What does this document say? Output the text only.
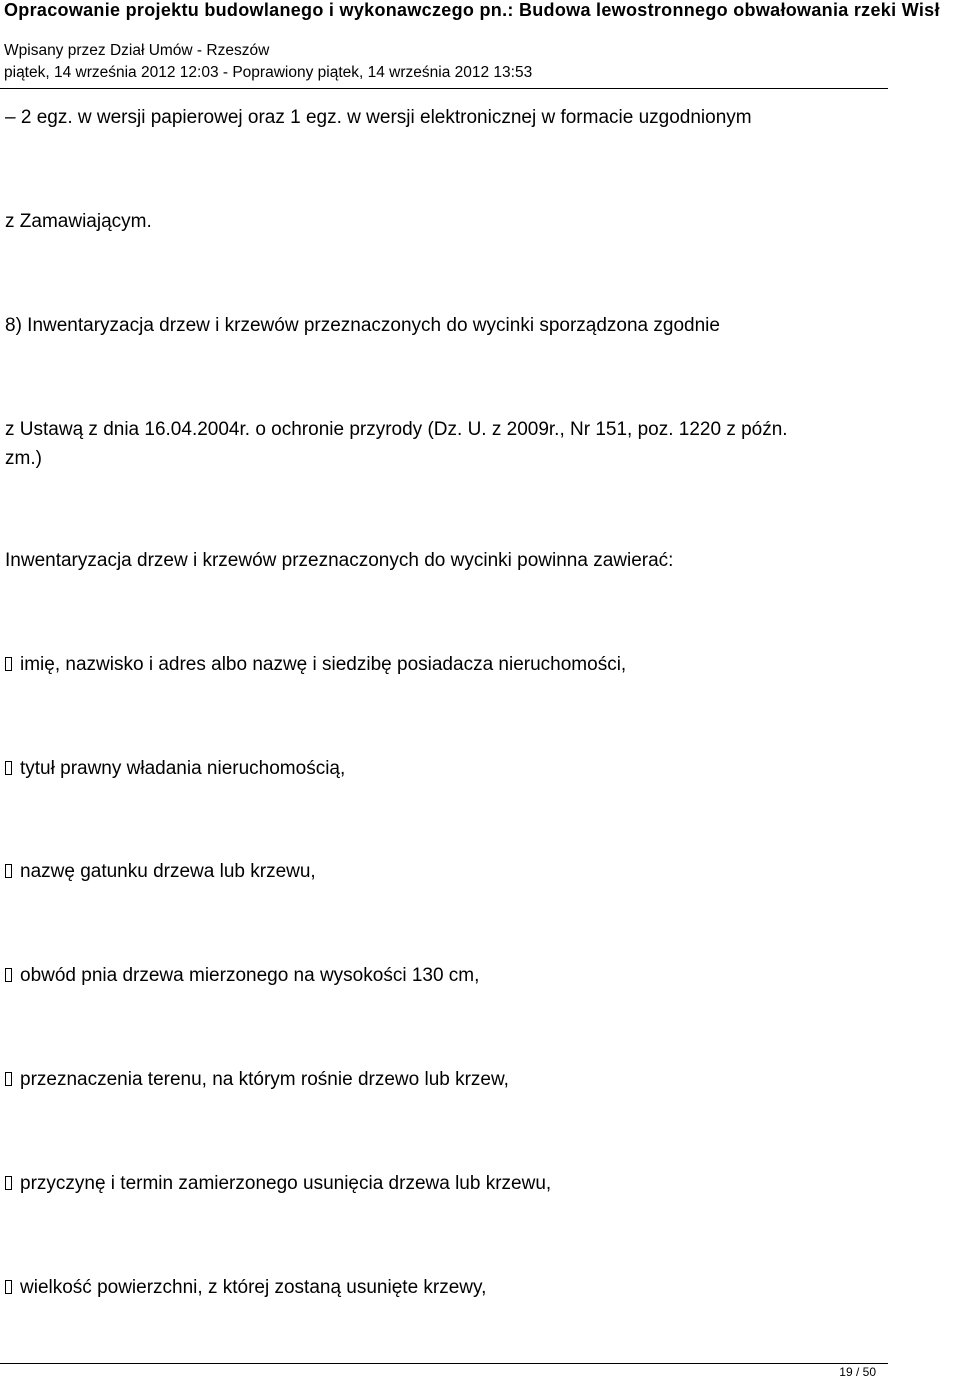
Opracowanie projektu budowlanego i wykonawczego pn.: Budowa lewostronnego obwałowania rzeki Wisł
Wpisany przez Dział Umów - Rzeszów
piątek, 14 września 2012 12:03 - Poprawiony piątek, 14 września 2012 13:53
– 2 egz. w wersji papierowej oraz 1 egz. w wersji elektronicznej w formacie uzgodnionym
z Zamawiającym.
8) Inwentaryzacja drzew i krzewów przeznaczonych do wycinki sporządzona zgodnie
z Ustawą z dnia 16.04.2004r. o ochronie przyrody (Dz. U. z 2009r., Nr 151, poz. 1220 z późn.
zm.)
Inwentaryzacja drzew i krzewów przeznaczonych do wycinki powinna zawierać:
imię, nazwisko i adres albo nazwę i siedzibę posiadacza nieruchomości,
tytuł prawny władania nieruchomością,
nazwę gatunku drzewa lub krzewu,
obwód pnia drzewa mierzonego na wysokości 130 cm,
przeznaczenia terenu, na którym rośnie drzewo lub krzew,
przyczynę i termin zamierzonego usunięcia drzewa lub krzewu,
wielkość powierzchni, z której zostaną usunięte krzewy,
19 / 50
